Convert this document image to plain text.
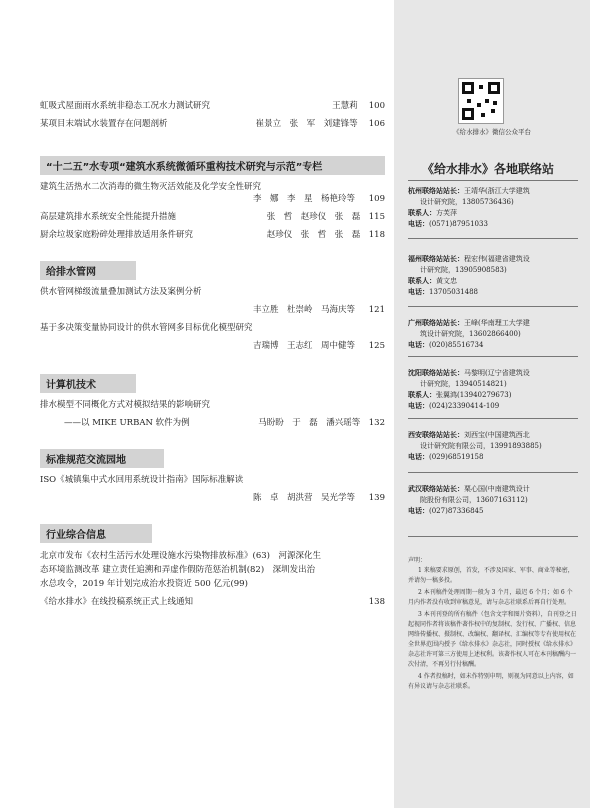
虹吸式屋面雨水系统非稳态工况水力测试研究	王慧莉 100
某项目末端试水装置存在问题剖析	崔景立　张　军　刘建锋等 106
“十二五”水专项“建筑水系统微循环重构技术研究与示范”专栏
建筑生活热水二次消毒的微生物灭活效能及化学安全性研究
李　娜　李　星　杨艳玲等	109
高层建筑排水系统安全性能提升措施	张　哲　赵珍仪　张　磊 115
厨余垃圾家庭粉碎处理排放适用条件研究	赵珍仪　张　哲　张　磊 118
给排水管网
供水管网梯级流量叠加测试方法及案例分析
丰立胜　杜崇岭　马海庆等	121
基于多决策变量协同设计的供水管网多目标优化模型研究
吉瑞博　王志红　周中健等	125
计算机技术
排水模型不同概化方式对模拟结果的影响研究
——以 MIKE URBAN 软件为例	马盼盼　于　磊　潘兴瑶等 132
标准规范交流园地
ISO《城镇集中式水回用系统设计指南》国际标准解读
陈　卓　胡洪营　吴光学等	139
行业综合信息
北京市发布《农村生活污水处理设施水污染物排放标准》(63)　河源深化生
态环境监测改革 建立责任追溯和弄虚作假防范惩治机制(82)　深圳发出治
水总攻令，2019 年计划完成治水投资近 500 亿元(99)
《给水排水》在线投稿系统正式上线通知	138
《给水排水》微信公众平台
《给水排水》各地联络站
杭州联络站站长：王靖华(浙江大学建筑
设计研究院，13805736436)
联系人：方芙萍
电话：(0571)87951033
福州联络站站长：程宏伟(福建省建筑设
计研究院，13905908583)
联系人：黄文忠
电话：13705031488
广州联络站站长：王峰(华南理工大学建
筑设计研究院，13602866400)
电话：(020)85516734
沈阳联络站站长：马黎明(辽宁省建筑设
计研究院，13940514821)
联系人：张翼鸿(13940279673)
电话：(024)23390414-109
西安联络站站长：刘西宝(中国建筑西北
设计研究院有限公司，13991893885)
电话：(029)68519158
武汉联络站站长：栗心国(中南建筑设计
院股份有限公司，13607163112)
电话：(027)87336845
声明：

1 来稿要求原创，首发，不涉及国家、军事、商业等秘密，并请勿一稿多投。

2 本刊稿件处理周期一般为 3 个月，最迟 6 个月；如 6 个月内作者没有收到审稿意见，请与杂志社联系后再自行处理。

3 本刊刊登的所有稿件（包含文字和图片资料），自刊登之日起视同作者将该稿件著作权中的复制权、发行权、广播权、信息网络传播权、摄制权、改编权、翻译权、汇编权等专有使用权在全世界范围内授予《给水排水》杂志社，同时授权《给水排水》杂志社许可第三方使用上述权利。该著作权人可在本刊稿酬内一次付清，不再另行付稿酬。

4 作者投稿时，如未作特别申明，则视为同意以上内容，如有异议请与杂志社联系。
